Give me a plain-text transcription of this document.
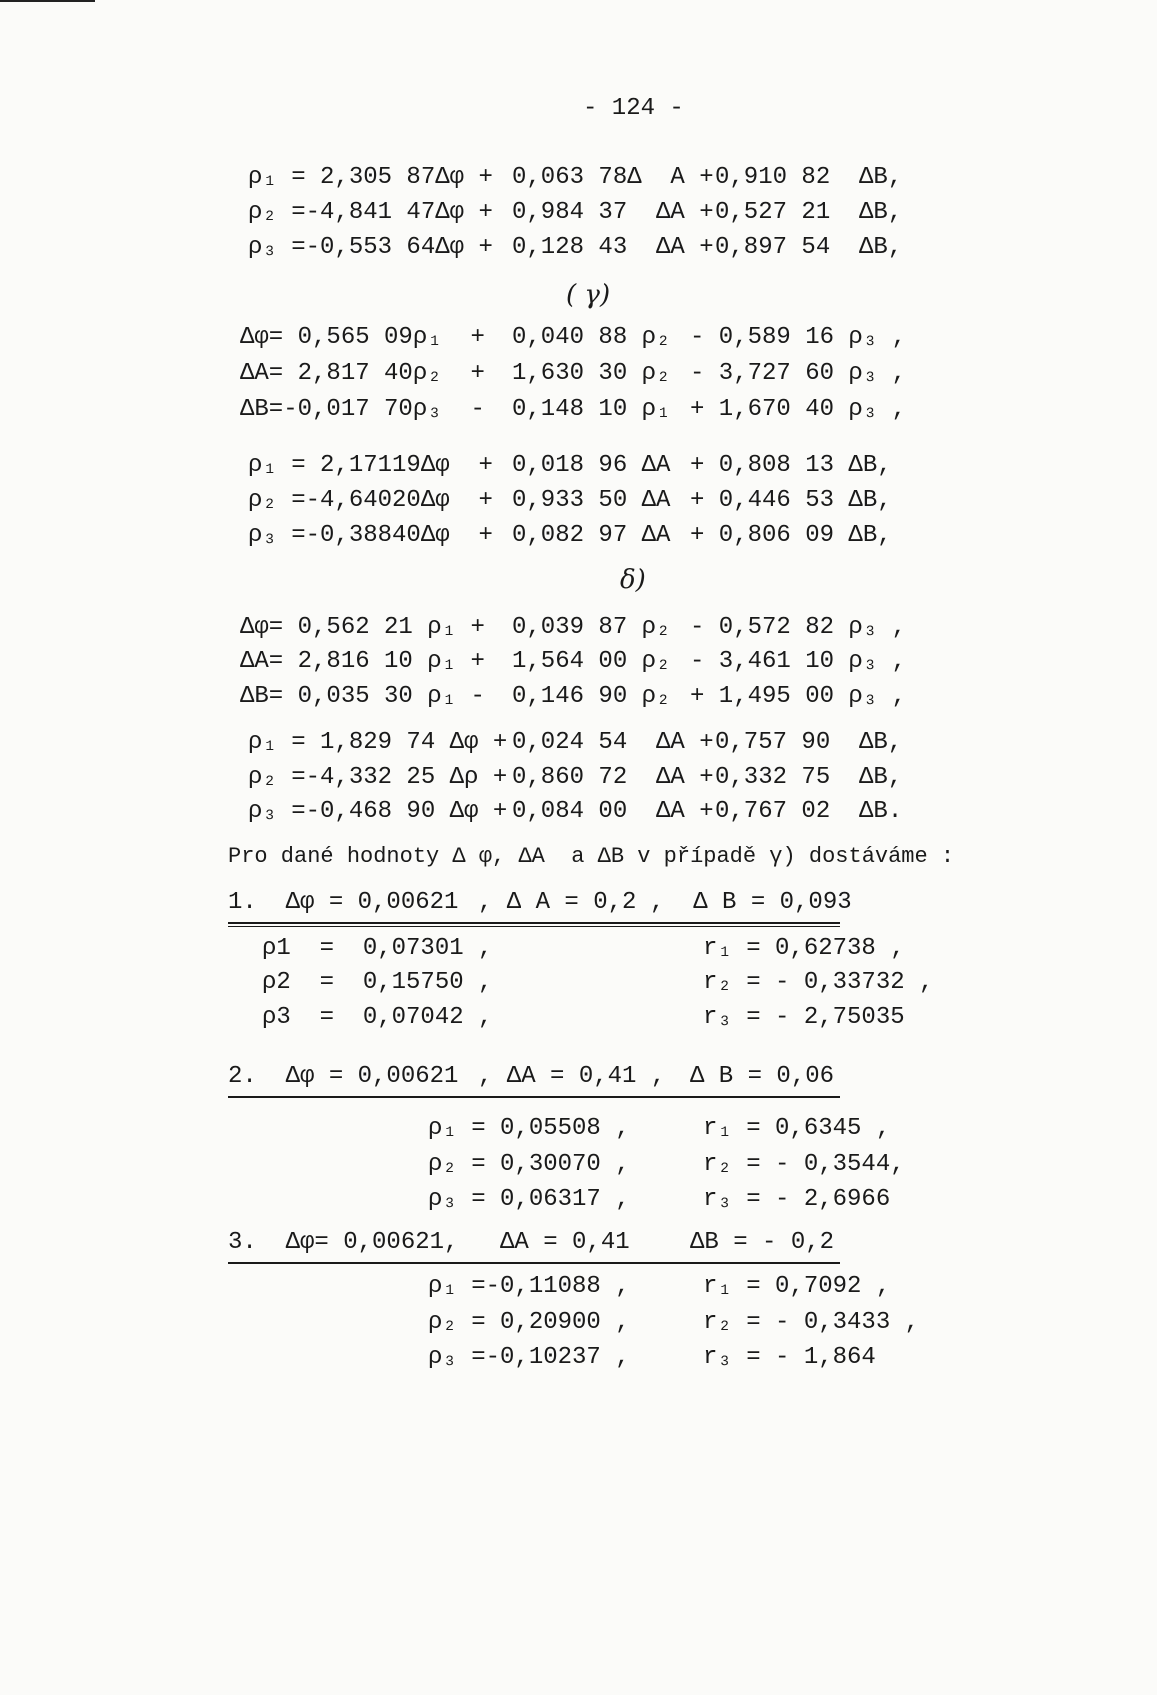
- 124 -
ρ₁ = 2,305 87Δφ + 0,063 78Δ  A + 0,910 82  ΔB,
ρ₂ =-4,841 47Δφ + 0,984 37  ΔA + 0,527 21  ΔB,
ρ₃ =-0,553 64Δφ + 0,128 43  ΔA + 0,897 54  ΔB,
( γ)
Δφ= 0,565 09ρ₁  + 0,040 88 ρ₂ - 0,589 16 ρ₃ ,
ΔA= 2,817 40ρ₂  + 1,630 30 ρ₂ - 3,727 60 ρ₃ ,
ΔB=-0,017 70ρ₃  - 0,148 10 ρ₁ + 1,670 40 ρ₃ ,
ρ₁ = 2,17119Δφ  + 0,018 96 ΔA + 0,808 13 ΔB,
ρ₂ =-4,64020Δφ  + 0,933 50 ΔA + 0,446 53 ΔB,
ρ₃ =-0,38840Δφ  + 0,082 97 ΔA + 0,806 09 ΔB,
δ)
Δφ= 0,562 21 ρ₁ + 0,039 87 ρ₂ - 0,572 82 ρ₃ ,
ΔA= 2,816 10 ρ₁ + 1,564 00 ρ₂ - 3,461 10 ρ₃ ,
ΔB= 0,035 30 ρ₁ - 0,146 90 ρ₂ + 1,495 00 ρ₃ ,
ρ₁ = 1,829 74 Δφ + 0,024 54  ΔA + 0,757 90  ΔB,
ρ₂ =-4,332 25 Δρ + 0,860 72  ΔA + 0,332 75  ΔB,
ρ₃ =-0,468 90 Δφ + 0,084 00  ΔA + 0,767 02  ΔB.
Pro dané hodnoty Δ φ, ΔA  a ΔB v případě γ) dostáváme :
1.  Δφ = 0,00621 , Δ A = 0,2 ,  Δ B = 0,093
ρ1  =  0,07301 ,
ρ2  =  0,15750 ,
ρ3  =  0,07042 ,
r₁ = 0,62738 ,
r₂ = - 0,33732 ,
r₃ = - 2,75035
2.  Δφ = 0,00621 , ΔA = 0,41 , Δ B = 0,06
ρ₁ = 0,05508 ,
ρ₂ = 0,30070 ,
ρ₃ = 0,06317 ,
r₁ = 0,6345 ,
r₂ = - 0,3544,
r₃ = - 2,6966
3.  Δφ= 0,00621, ΔA = 0,41	ΔB = - 0,2
ρ₁ =-0,11088 ,
ρ₂ = 0,20900 ,
ρ₃ =-0,10237 ,
r₁ = 0,7092 ,
r₂ = - 0,3433 ,
r₃ = - 1,864
